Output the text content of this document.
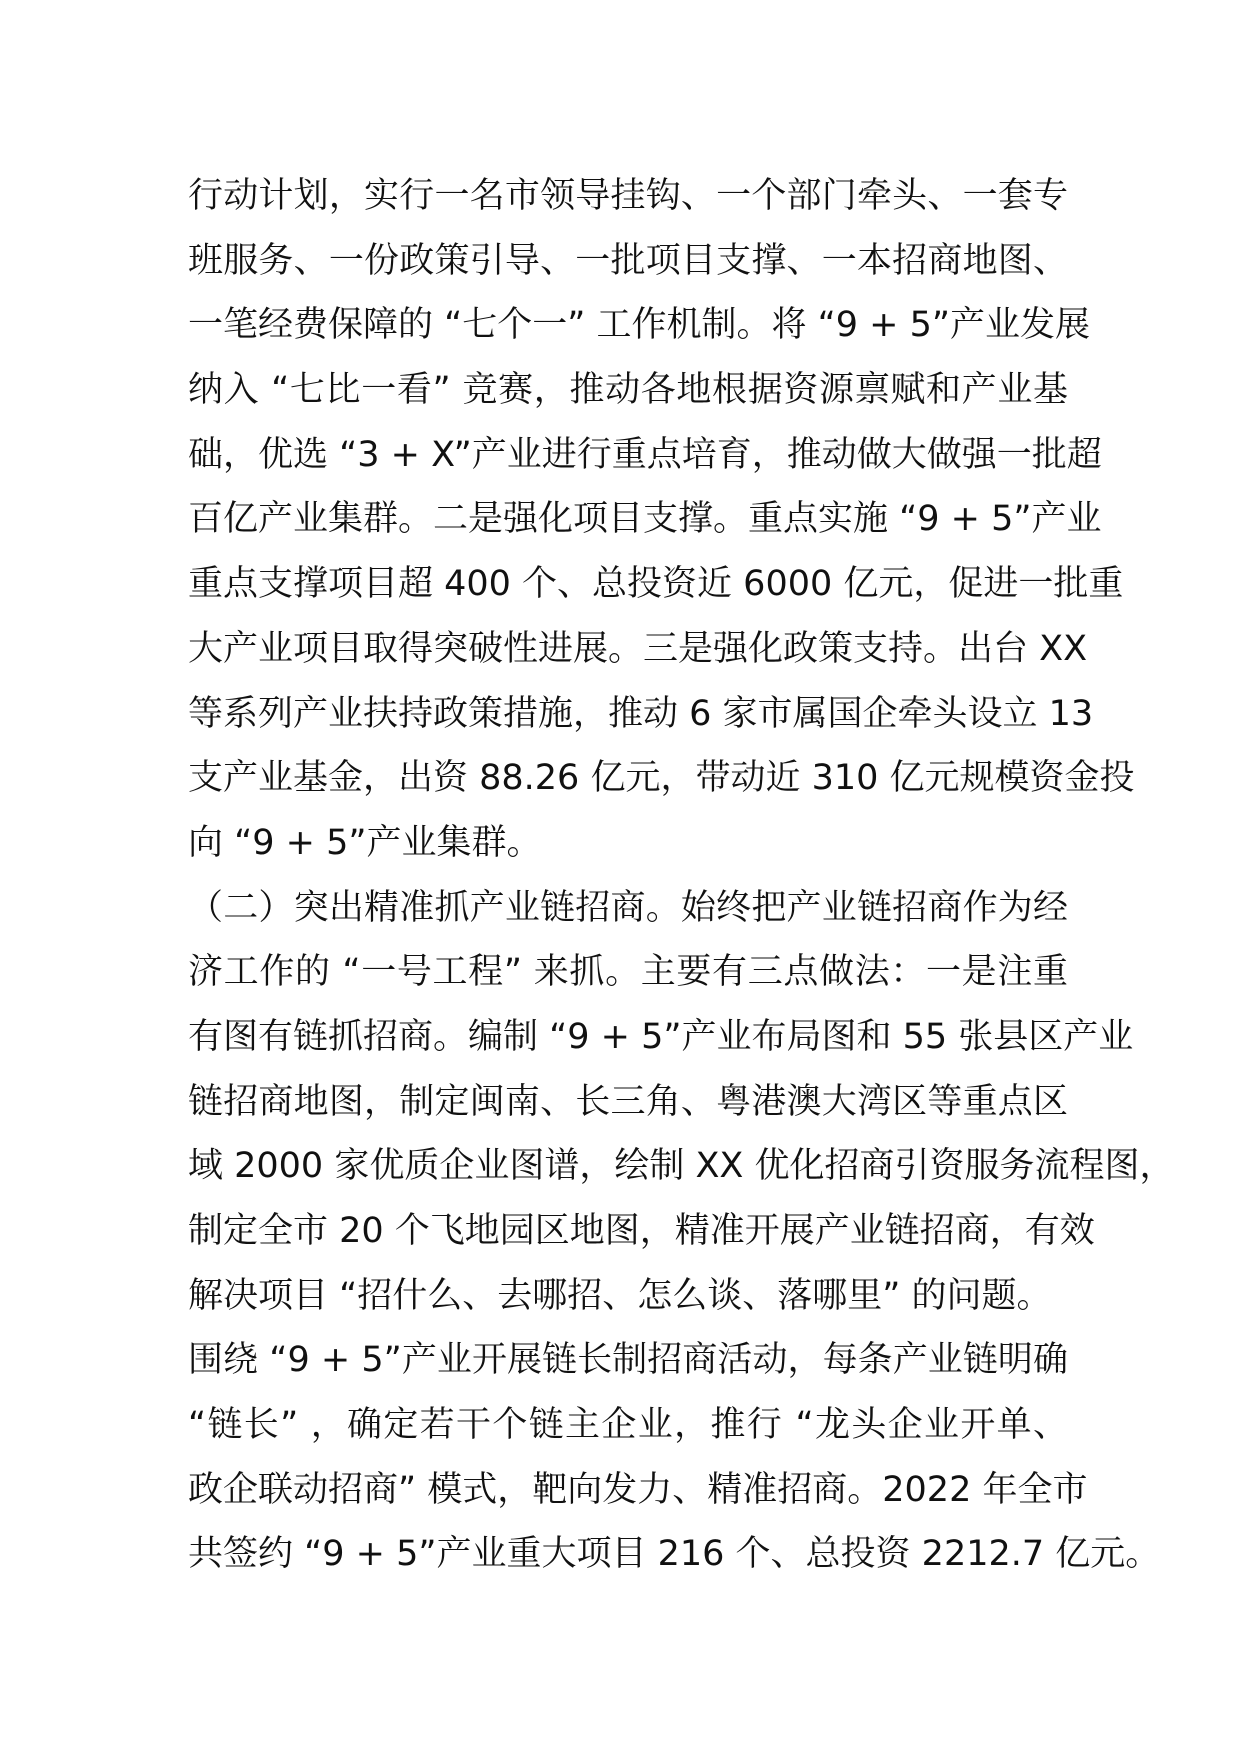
行动计划，实行一名市领导挂钩、一个部门牵头、一套专
班服务、一份政策引导、一批项目支撑、一本招商地图、
一笔经费保障的 “七个一” 工作机制。将 “9 + 5”产业发展
纳入 “七比一看” 竞赛，推动各地根据资源禀赋和产业基
础，优选 “3 + X”产业进行重点培育，推动做大做强一批超
百亿产业集群。二是强化项目支撑。重点实施 “9 + 5”产业
重点支撑项目超 400 个、总投资近 6000 亿元，促进一批重
大产业项目取得突破性进展。三是强化政策支持。出台 XX
等系列产业扶持政策措施，推动 6 家市属国企牵头设立 13
支产业基金，出资 88.26 亿元，带动近 310 亿元规模资金投
向 “9 + 5”产业集群。
（二）突出精准抓产业链招商。始终把产业链招商作为经
济工作的 “一号工程” 来抓。主要有三点做法：一是注重
有图有链抓招商。编制 “9 + 5”产业布局图和 55 张县区产业
链招商地图，制定闽南、长三角、粤港澳大湾区等重点区
域 2000 家优质企业图谱，绘制 XX 优化招商引资服务流程图，
制定全市 20 个飞地园区地图，精准开展产业链招商，有效
解决项目 “招什么、去哪招、怎么谈、落哪里” 的问题。
围绕 “9 + 5”产业开展链长制招商活动，每条产业链明确
“链长” ，确定若干个链主企业，推行 “龙头企业开单、
政企联动招商” 模式，靶向发力、精准招商。2022 年全市
共签约 “9 + 5”产业重大项目 216 个、总投资 2212.7 亿元。
